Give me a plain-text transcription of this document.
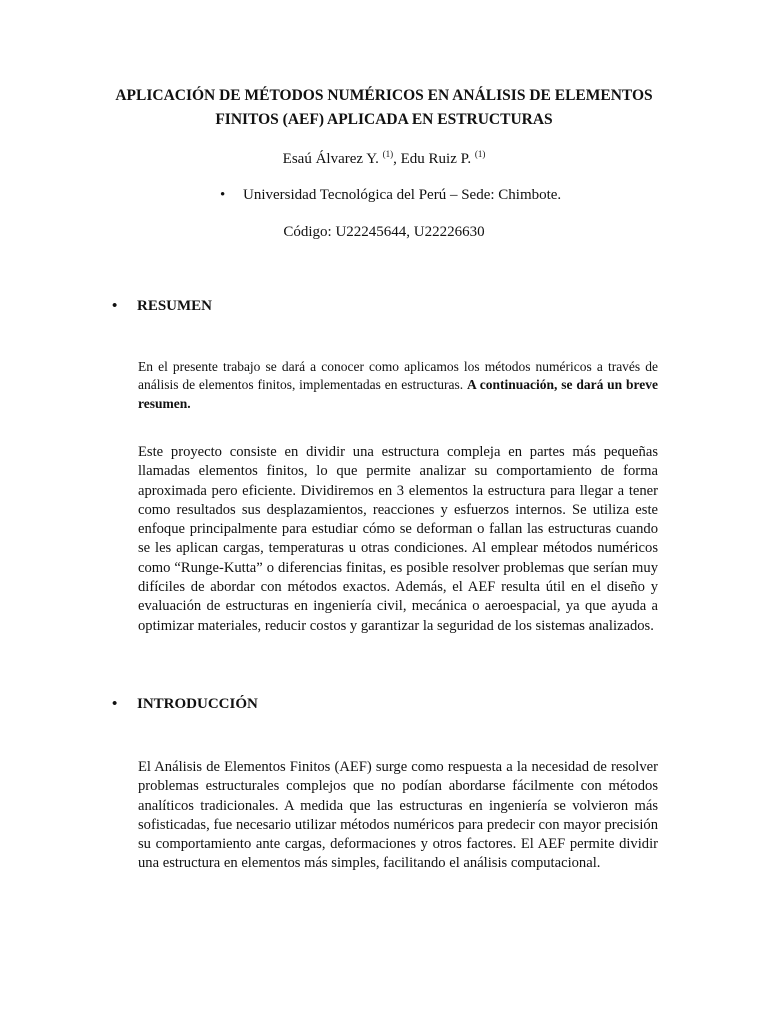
APLICACIÓN DE MÉTODOS NUMÉRICOS EN ANÁLISIS DE ELEMENTOS
FINITOS (AEF) APLICADA EN ESTRUCTURAS

Esaú Álvarez Y. $^{(1)}$, Edu Ruiz P. $^{(1)}$

• Universidad Tecnológica del Perú – Sede: Chimbote.

Código: U22245644, U22226630

• RESUMEN

En el presente trabajo se dará a conocer como aplicamos los métodos numéricos a través de análisis de elementos finitos, implementadas en estructuras. A continuación, se dará un breve resumen.

Este proyecto consiste en dividir una estructura compleja en partes más pequeñas llamadas elementos finitos, lo que permite analizar su comportamiento de forma aproximada pero eficiente. Dividiremos en 3 elementos la estructura para llegar a tener como resultados sus desplazamientos, reacciones y esfuerzos internos. Se utiliza este enfoque principalmente para estudiar cómo se deforman o fallan las estructuras cuando se les aplican cargas, temperaturas u otras condiciones. Al emplear métodos numéricos como “Runge-Kutta” o diferencias finitas, es posible resolver problemas que serían muy difíciles de abordar con métodos exactos. Además, el AEF resulta útil en el diseño y evaluación de estructuras en ingeniería civil, mecánica o aeroespacial, ya que ayuda a optimizar materiales, reducir costos y garantizar la seguridad de los sistemas analizados.

• INTRODUCCIÓN

El Análisis de Elementos Finitos (AEF) surge como respuesta a la necesidad de resolver problemas estructurales complejos que no podían abordarse fácilmente con métodos analíticos tradicionales. A medida que las estructuras en ingeniería se volvieron más sofisticadas, fue necesario utilizar métodos numéricos para predecir con mayor precisión su comportamiento ante cargas, deformaciones y otros factores. El AEF permite dividir una estructura en elementos más simples, facilitando el análisis computacional.
